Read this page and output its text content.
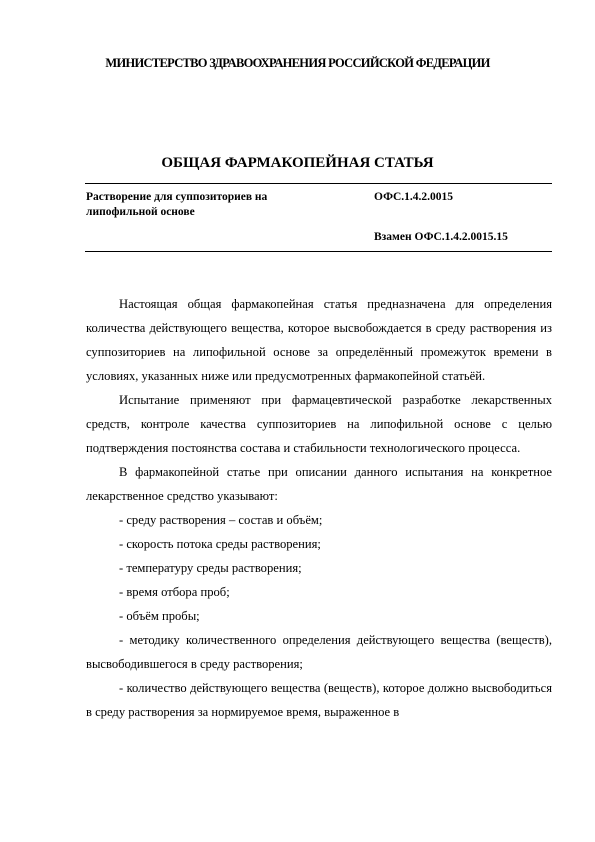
МИНИСТЕРСТВО ЗДРАВООХРАНЕНИЯ РОССИЙСКОЙ ФЕДЕРАЦИИ
ОБЩАЯ ФАРМАКОПЕЙНАЯ СТАТЬЯ
Растворение для суппозиториев на липофильной основе
ОФС.1.4.2.0015
Взамен ОФС.1.4.2.0015.15

Настоящая общая фармакопейная статья предназначена для определения количества действующего вещества, которое высвобождается в среду растворения из суппозиториев на липофильной основе за определённый промежуток времени в условиях, указанных ниже или предусмотренных фармакопейной статьёй.

Испытание применяют при фармацевтической разработке лекарственных средств, контроле качества суппозиториев на липофильной основе с целью подтверждения постоянства состава и стабильности технологического процесса.

В фармакопейной статье при описании данного испытания на конкретное лекарственное средство указывают:

- среду растворения – состав и объём;

- скорость потока среды растворения;

- температуру среды растворения;

- время отбора проб;

- объём пробы;

- методику количественного определения действующего вещества (веществ), высвободившегося в среду растворения;

- количество действующего вещества (веществ), которое должно высвободиться в среду растворения за нормируемое время, выраженное в
